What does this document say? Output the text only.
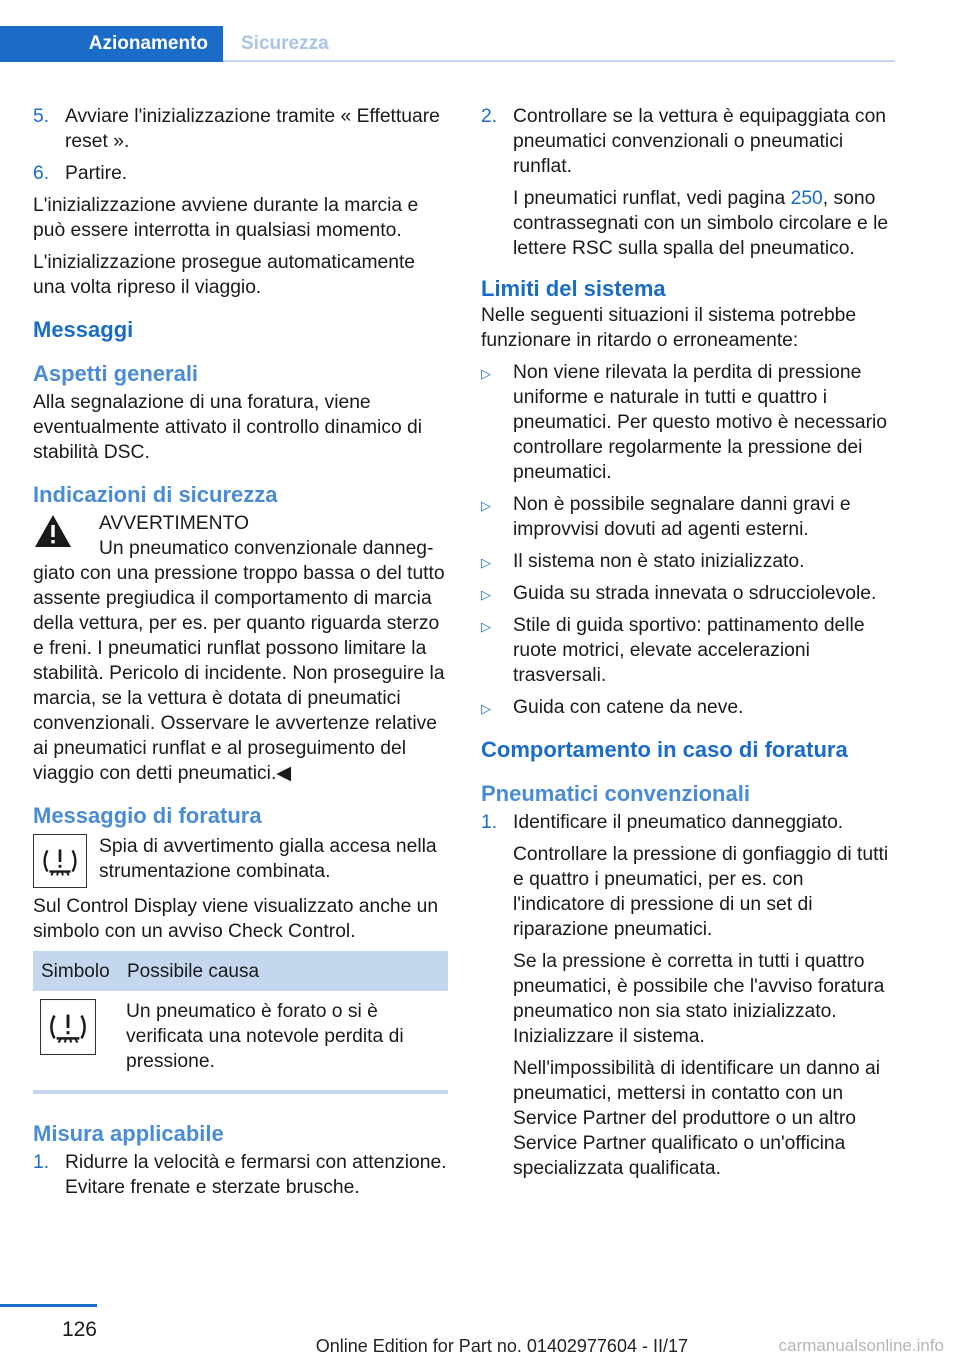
Azionamento	Sicurezza
5. Avviare l'inizializzazione tramite « Effettuare reset ».
6. Partire.

L'inizializzazione avviene durante la marcia e può essere interrotta in qualsiasi momento.

L'inizializzazione prosegue automaticamente una volta ripreso il viaggio.

Messaggi
Aspetti generali

Alla segnalazione di una foratura, viene eventualmente attivato il controllo dinamico di stabilità DSC.

Indicazioni di sicurezza
AVVERTIMENTO
Un pneumatico convenzionale danneg-

giato con una pressione troppo bassa o del tutto assente pregiudica il comportamento di marcia della vettura, per es. per quanto riguarda sterzo e freni. I pneumatici runflat possono limitare la stabilità. Pericolo di incidente. Non proseguire la marcia, se la vettura è dotata di pneumatici convenzionali. Osservare le avvertenze relative ai pneumatici runflat e al proseguimento del viaggio con detti pneumatici.◀

Messaggio di foratura
Spia di avvertimento gialla accesa nella strumentazione combinata.

Sul Control Display viene visualizzato anche un simbolo con un avviso Check Control.

Simbolo	Possibile causa
	Un pneumatico è forato o si è verificata una notevole perdita di pressione.
Misura applicabile
1. Ridurre la velocità e fermarsi con attenzione. Evitare frenate e sterzate brusche.
2. Controllare se la vettura è equipaggiata con pneumatici convenzionali o pneumatici runflat.
I pneumatici runflat, vedi pagina 250, sono contrassegnati con un simbolo circolare e le lettere RSC sulla spalla del pneumatico.
Limiti del sistema

Nelle seguenti situazioni il sistema potrebbe funzionare in ritardo o erroneamente:

▷ Non viene rilevata la perdita di pressione uniforme e naturale in tutti e quattro i pneumatici. Per questo motivo è necessario controllare regolarmente la pressione dei pneumatici.
▷ Non è possibile segnalare danni gravi e improvvisi dovuti ad agenti esterni.
▷ Il sistema non è stato inizializzato.
▷ Guida su strada innevata o sdrucciolevole.
▷ Stile di guida sportivo: pattinamento delle ruote motrici, elevate accelerazioni trasversali.
▷ Guida con catene da neve.
Comportamento in caso di foratura
Pneumatici convenzionali
1. Identificare il pneumatico danneggiato.
Controllare la pressione di gonfiaggio di tutti e quattro i pneumatici, per es. con l'indicatore di pressione di un set di riparazione pneumatici.
Se la pressione è corretta in tutti i quattro pneumatici, è possibile che l'avviso foratura pneumatico non sia stato inizializzato. Inizializzare il sistema.
Nell'impossibilità di identificare un danno ai pneumatici, mettersi in contatto con un Service Partner del produttore o un altro Service Partner qualificato o un'officina specializzata qualificata.
126
Online Edition for Part no. 01402977604 - II/17	carmanualsonline.info
